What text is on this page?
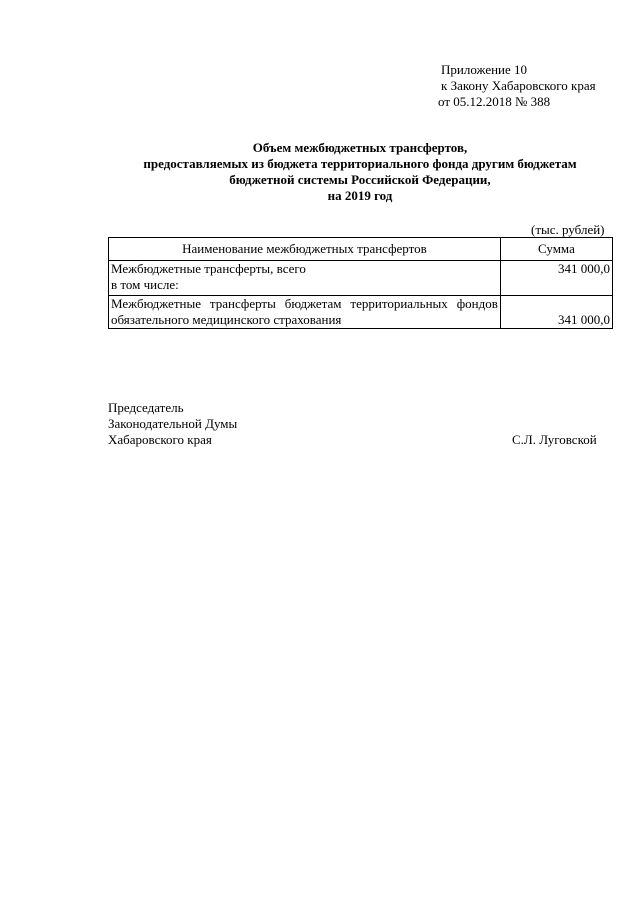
Приложение 10
к Закону Хабаровского края
от 05.12.2018 № 388
Объем межбюджетных трансфертов,
предоставляемых из бюджета территориального фонда другим бюджетам
бюджетной системы Российской Федерации,
на 2019 год
(тыс. рублей)
Наименование межбюджетных трансфертов	Сумма

Межбюджетные трансферты, всего
в том числе:	341 000,0
Межбюджетные трансферты бюджетам территориальных фондов обязательного медицинского страхования	341 000,0
Председатель
Законодательной Думы
Хабаровского края	С.Л. Луговской
